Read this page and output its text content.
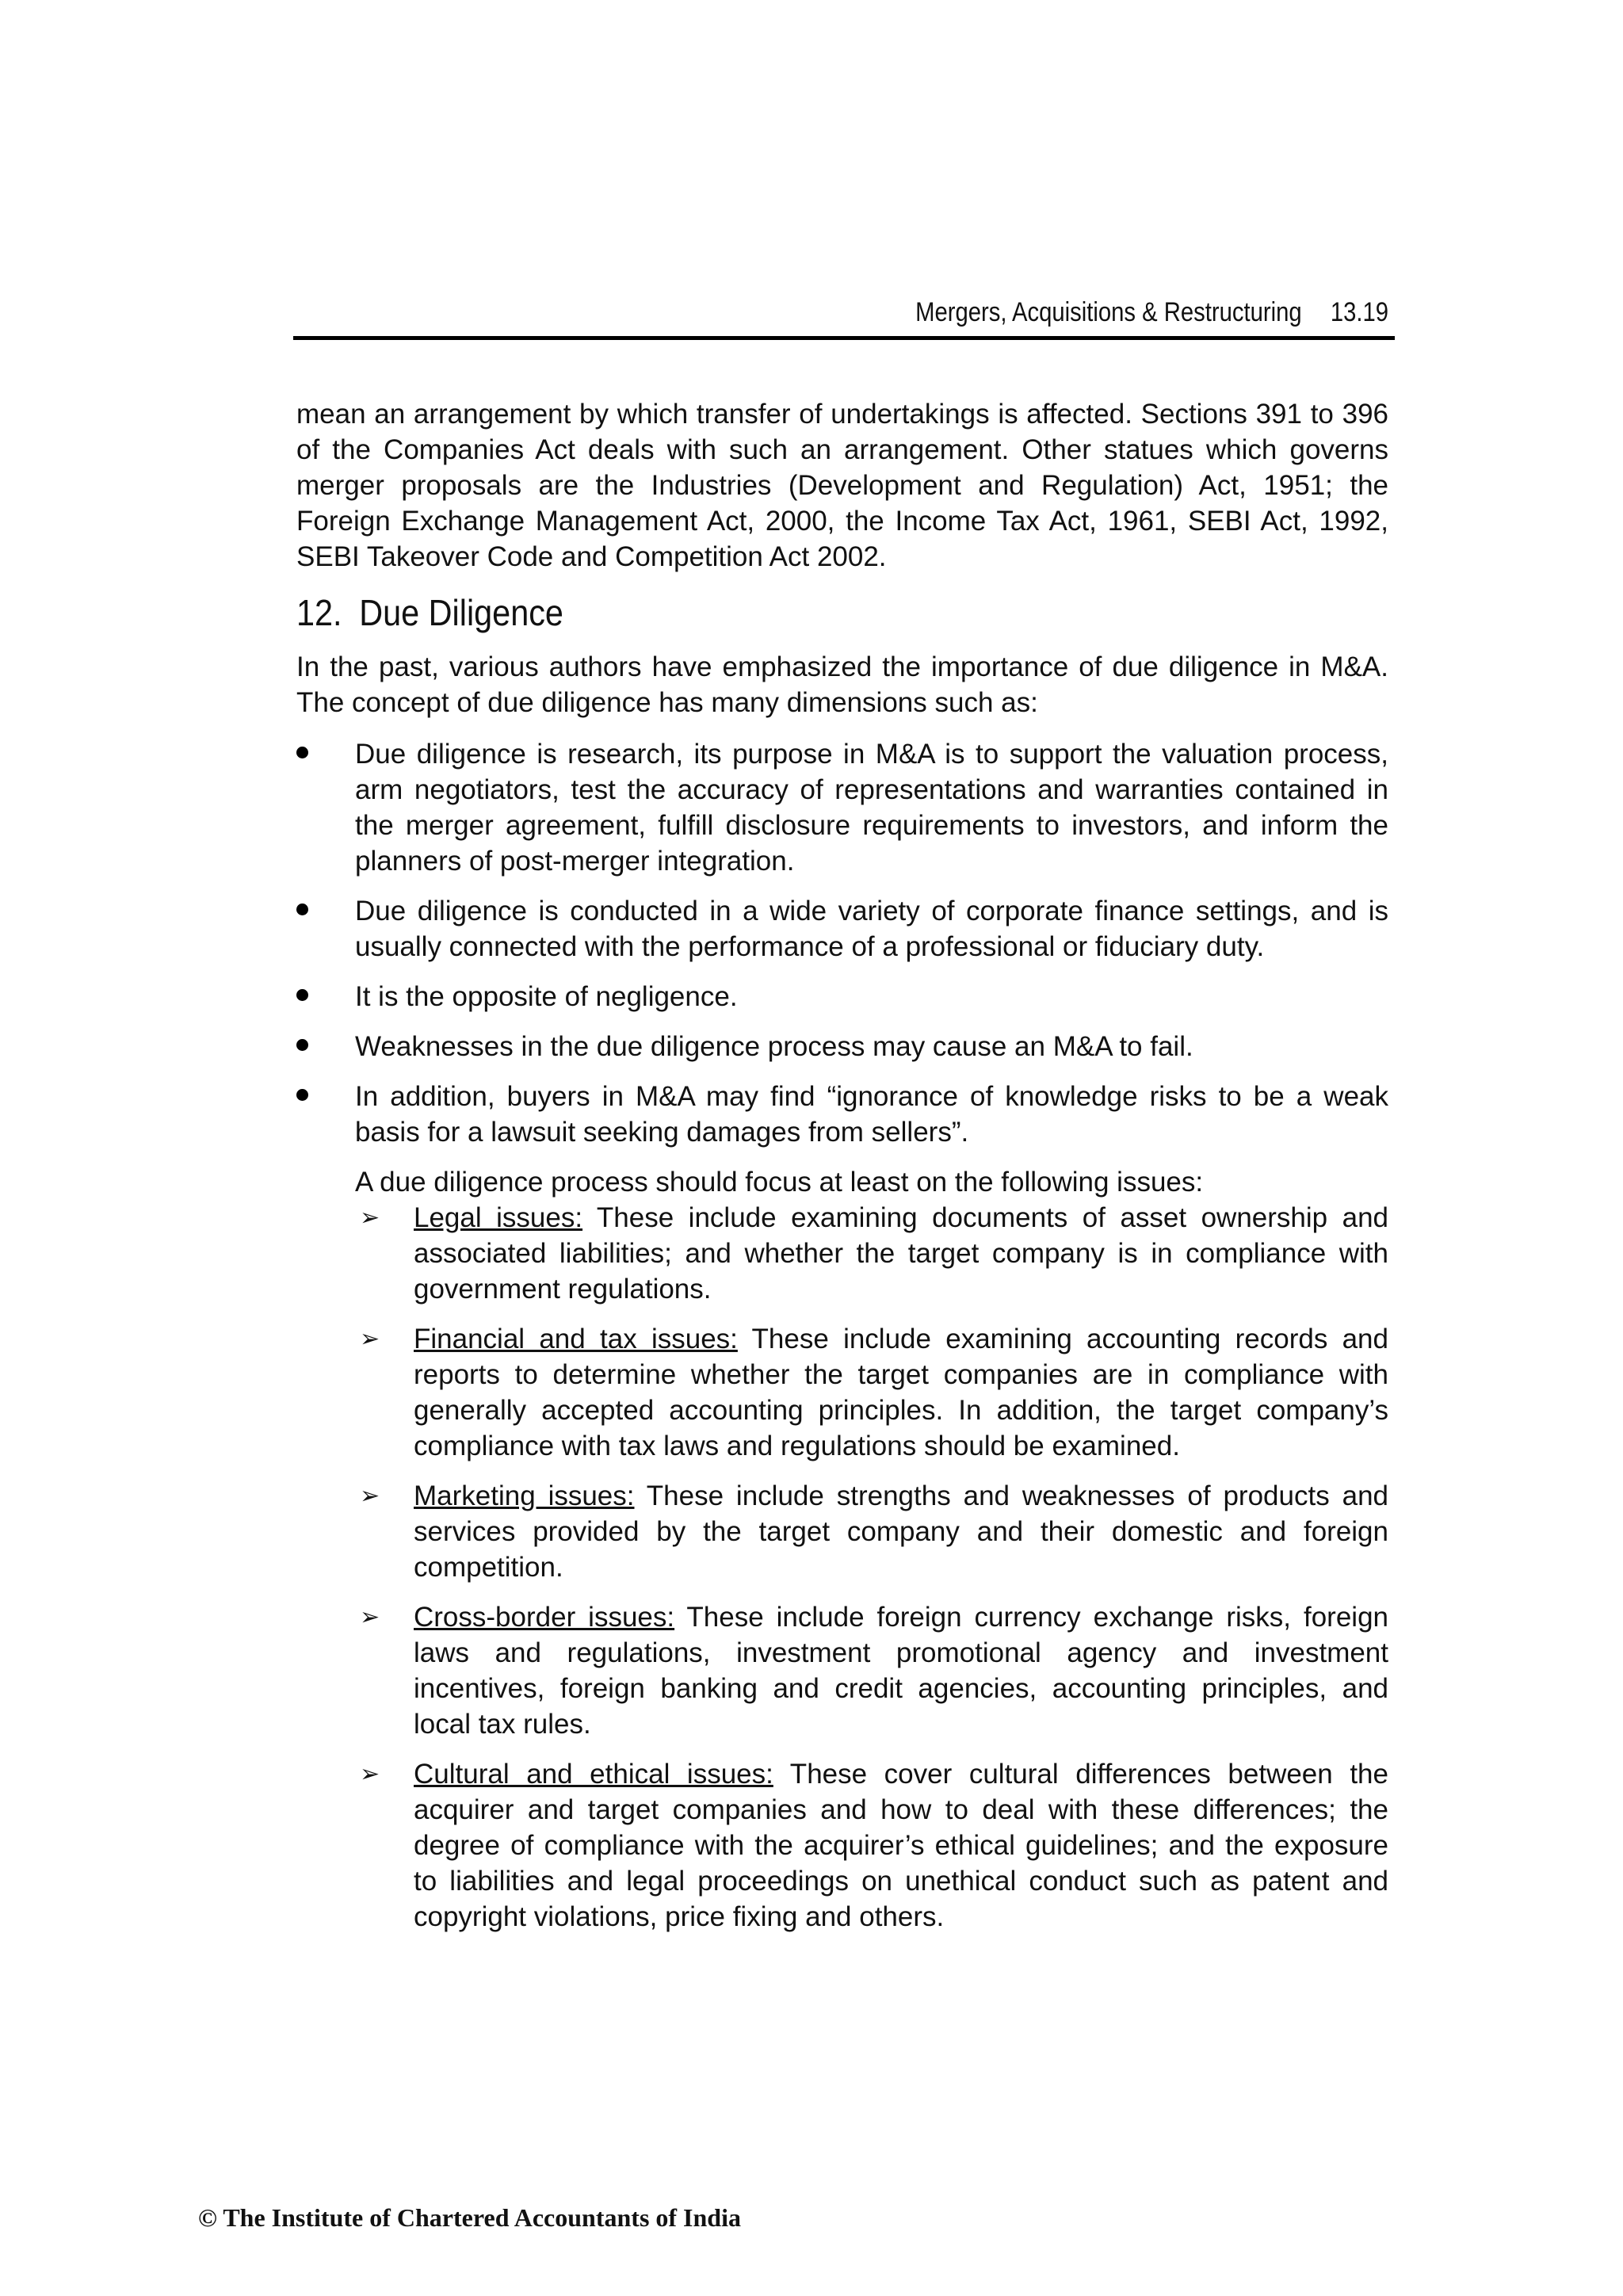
Mergers, Acquisitions & Restructuring 13.19

mean an arrangement by which transfer of undertakings is affected. Sections 391 to 396 of the Companies Act deals with such an arrangement. Other statues which governs merger proposals are the Industries (Development and Regulation) Act, 1951; the Foreign Exchange Management Act, 2000, the Income Tax Act, 1961, SEBI Act, 1992, SEBI Takeover Code and Competition Act 2002.

12. Due Diligence

In the past, various authors have emphasized the importance of due diligence in M&A. The concept of due diligence has many dimensions such as:

Due diligence is research, its purpose in M&A is to support the valuation process, arm negotiators, test the accuracy of representations and warranties contained in the merger agreement, fulfill disclosure requirements to investors, and inform the planners of post-merger integration.
Due diligence is conducted in a wide variety of corporate finance settings, and is usually connected with the performance of a professional or fiduciary duty.
It is the opposite of negligence.
Weaknesses in the due diligence process may cause an M&A to fail.
In addition, buyers in M&A may find “ignorance of knowledge risks to be a weak basis for a lawsuit seeking damages from sellers”.

A due diligence process should focus at least on the following issues:

➢ Legal issues: These include examining documents of asset ownership and associated liabilities; and whether the target company is in compliance with government regulations.
➢ Financial and tax issues: These include examining accounting records and reports to determine whether the target companies are in compliance with generally accepted accounting principles. In addition, the target company’s compliance with tax laws and regulations should be examined.
➢ Marketing issues: These include strengths and weaknesses of products and services provided by the target company and their domestic and foreign competition.
➢ Cross-border issues: These include foreign currency exchange risks, foreign laws and regulations, investment promotional agency and investment incentives, foreign banking and credit agencies, accounting principles, and local tax rules.
➢ Cultural and ethical issues: These cover cultural differences between the acquirer and target companies and how to deal with these differences; the degree of compliance with the acquirer’s ethical guidelines; and the exposure to liabilities and legal proceedings on unethical conduct such as patent and copyright violations, price fixing and others.
© The Institute of Chartered Accountants of India
